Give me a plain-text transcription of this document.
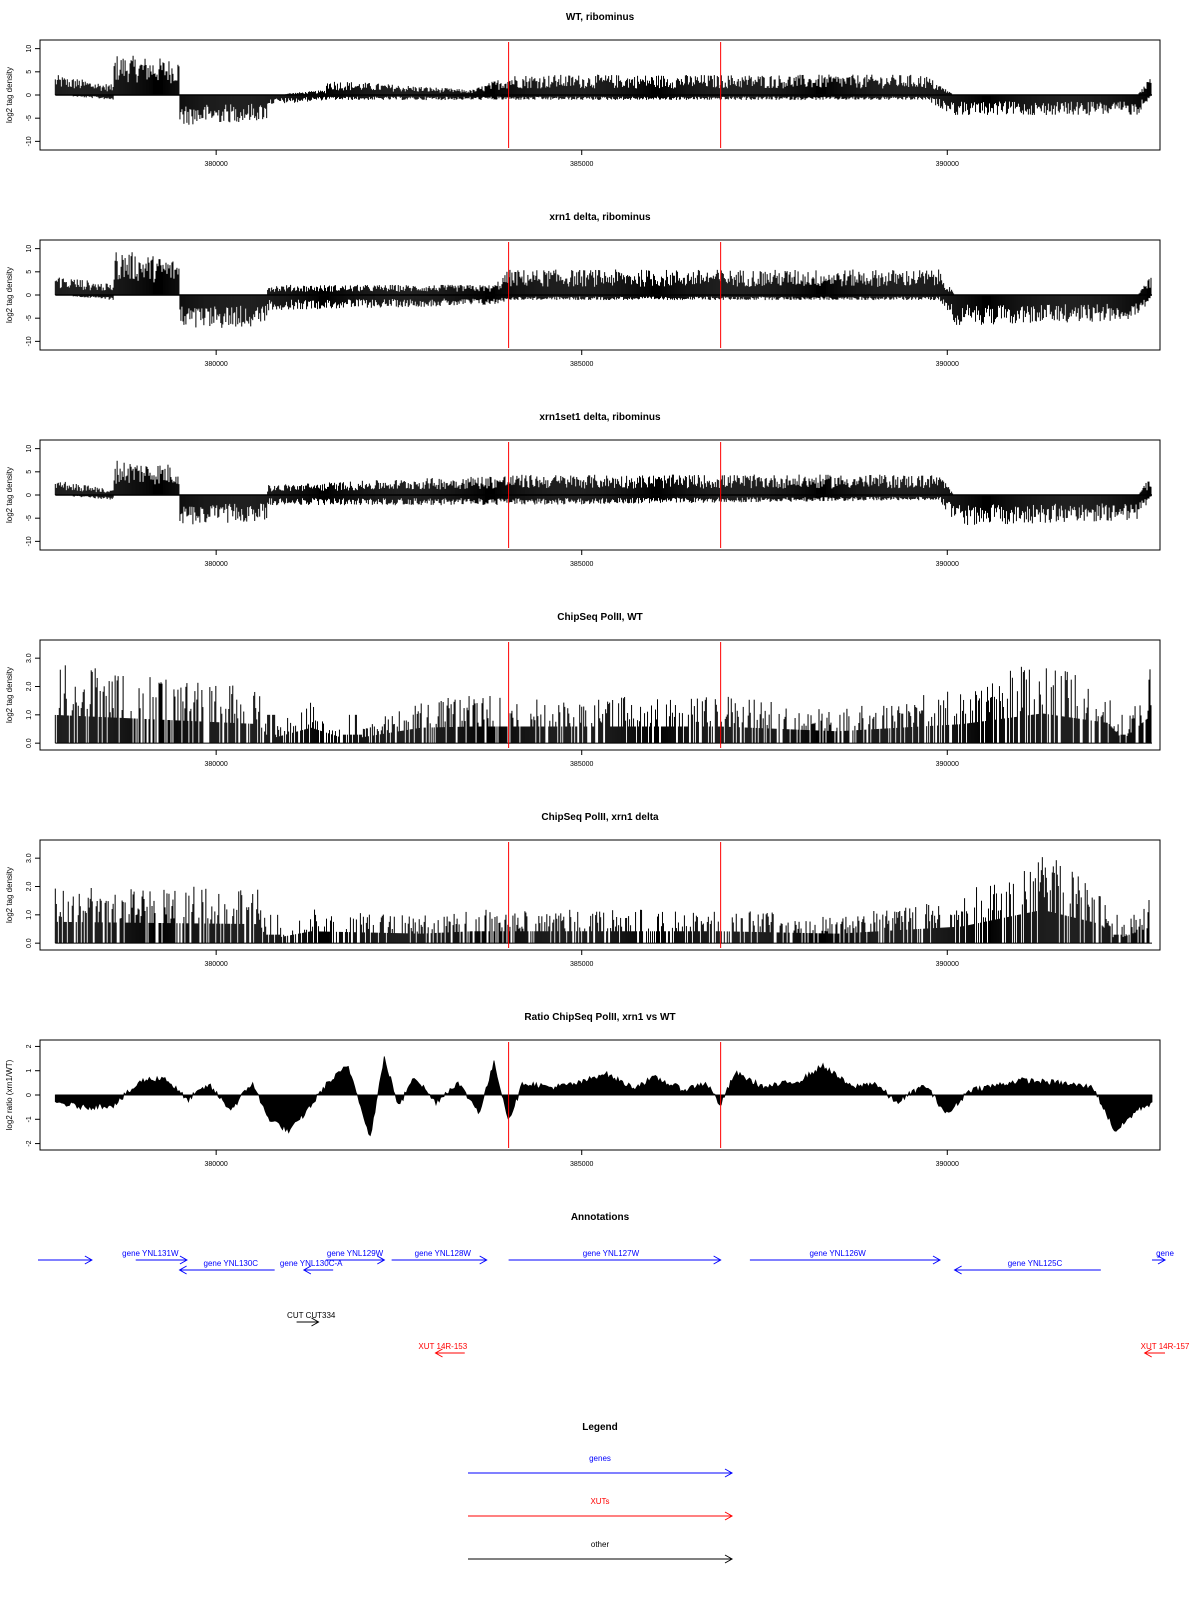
WT, ribominus
log2 tag density
10
5
0
-5
-10
380000	385000	390000
xrn1 delta, ribominus
log2 tag density
10
5
0
-5
-10
380000	385000	390000
xrn1set1 delta, ribominus
log2 tag density
10
5
0
-5
-10
380000	385000	390000
ChipSeq PolII, WT
log2 tag density
3.0
2.0
1.0
0.0
380000	385000	390000
ChipSeq PolII, xrn1 delta
log2 tag density
3.0
2.0
1.0
0.0
380000	385000	390000
Ratio ChipSeq PolII, xrn1 vs WT
log2 ratio (xrn1/WT)
2
1
0
-1
-2
380000	385000	390000
Annotations
gene YNL131W
gene YNL130C	gene YNL130C-A
gene YNL129W	gene YNL128W	gene YNL127W	gene YNL126W
gene YNL125C
gene
CUT CUT334
XUT 14R-153	XUT 14R-157
Legend
genes
XUTs
other
